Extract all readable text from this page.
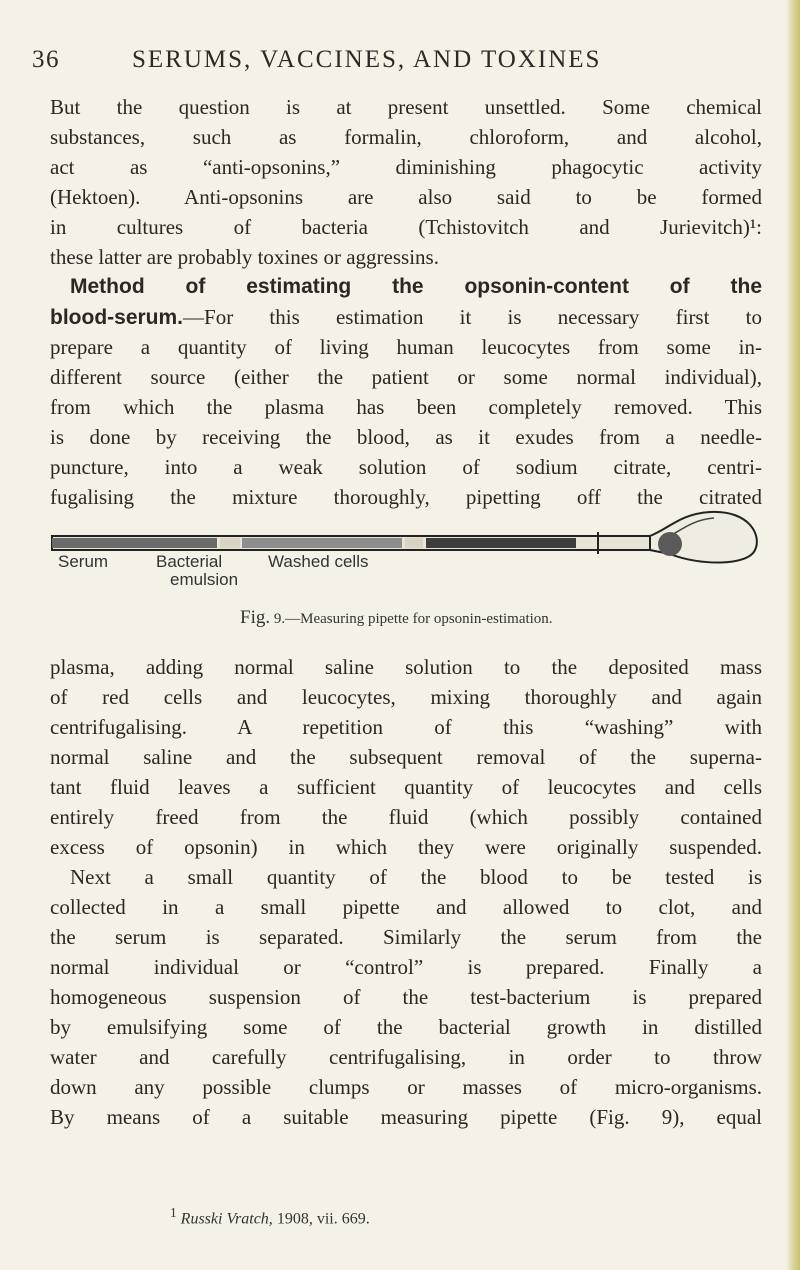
36	SERUMS, VACCINES, AND TOXINES
But the question is at present unsettled. Some chemical
substances, such as formalin, chloroform, and alcohol,
act as “anti-opsonins,” diminishing phagocytic activity
(Hektoen). Anti-opsonins are also said to be formed
in cultures of bacteria (Tchistovitch and Jurievitch)¹:
these latter are probably toxines or aggressins.
Method of estimating the opsonin-content of the
blood-serum.—For this estimation it is necessary first to
prepare a quantity of living human leucocytes from some in-
different source (either the patient or some normal individual),
from which the plasma has been completely removed. This
is done by receiving the blood, as it exudes from a needle-
puncture, into a weak solution of sodium citrate, centri-
fugalising the mixture thoroughly, pipetting off the citrated
Serum	Bacterial
emulsion
Washed cells
Fig. 9.—Measuring pipette for opsonin-estimation.
plasma, adding normal saline solution to the deposited mass
of red cells and leucocytes, mixing thoroughly and again
centrifugalising. A repetition of this “washing” with
normal saline and the subsequent removal of the superna-
tant fluid leaves a sufficient quantity of leucocytes and cells
entirely freed from the fluid (which possibly contained
excess of opsonin) in which they were originally suspended.
Next a small quantity of the blood to be tested is
collected in a small pipette and allowed to clot, and
the serum is separated. Similarly the serum from the
normal individual or “control” is prepared. Finally a
homogeneous suspension of the test-bacterium is prepared
by emulsifying some of the bacterial growth in distilled
water and carefully centrifugalising, in order to throw
down any possible clumps or masses of micro-organisms.
By means of a suitable measuring pipette (Fig. 9), equal
$^1$ Russki Vratch, 1908, vii. 669.
